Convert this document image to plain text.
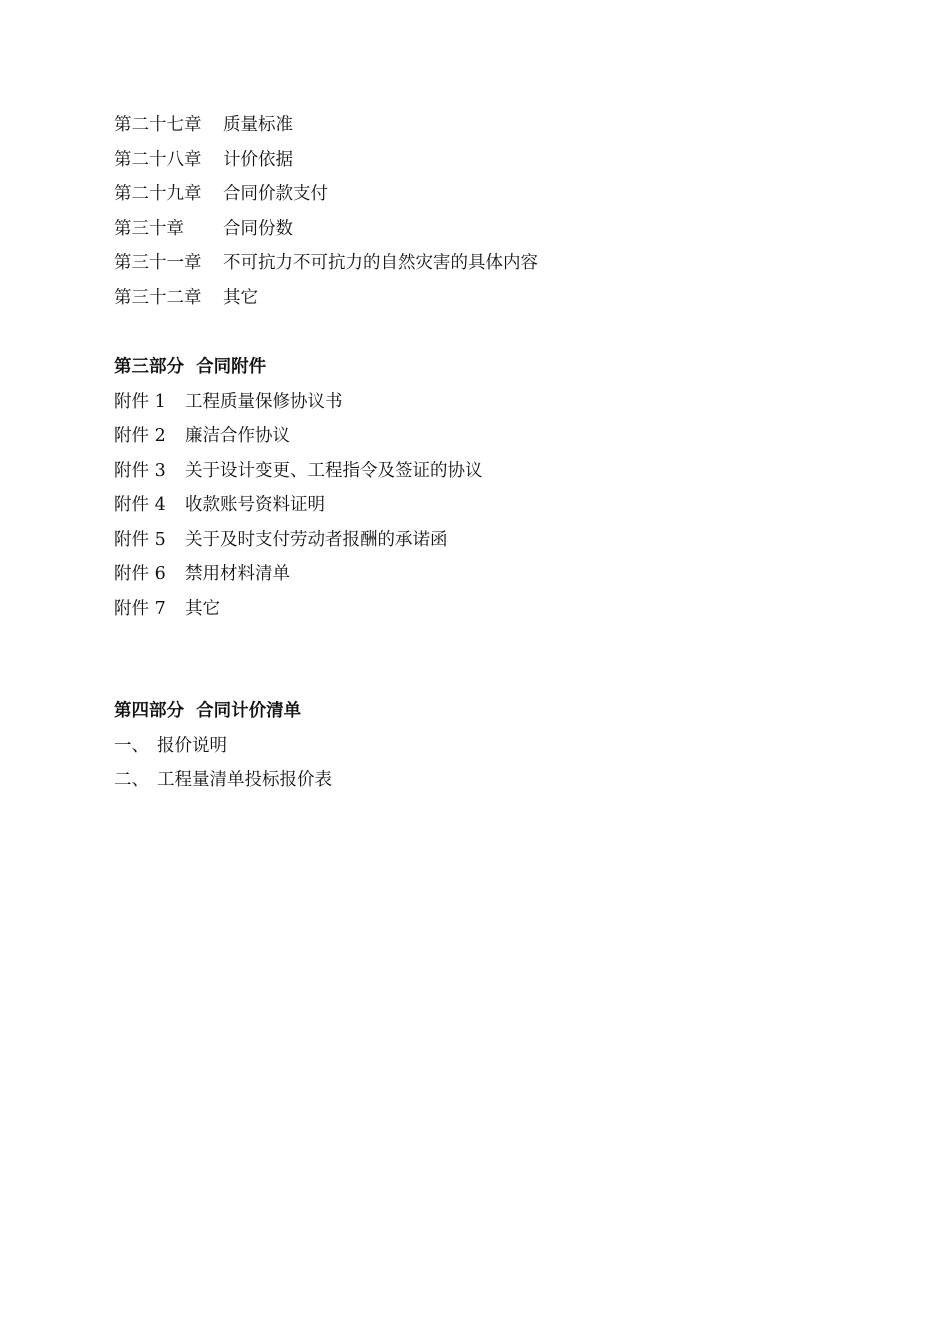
第二十七章	质量标准
第二十八章	计价依据
第二十九章	合同价款支付
第三十章	合同份数
第三十一章	不可抗力不可抗力的自然灾害的具体内容
第三十二章	其它
第三部分  合同附件
附件 1	工程质量保修协议书
附件 2	廉洁合作协议
附件 3	关于设计变更、工程指令及签证的协议
附件 4	收款账号资料证明
附件 5	关于及时支付劳动者报酬的承诺函
附件 6	禁用材料清单
附件 7	其它
第四部分  合同计价清单
一、 报价说明
二、 工程量清单投标报价表
